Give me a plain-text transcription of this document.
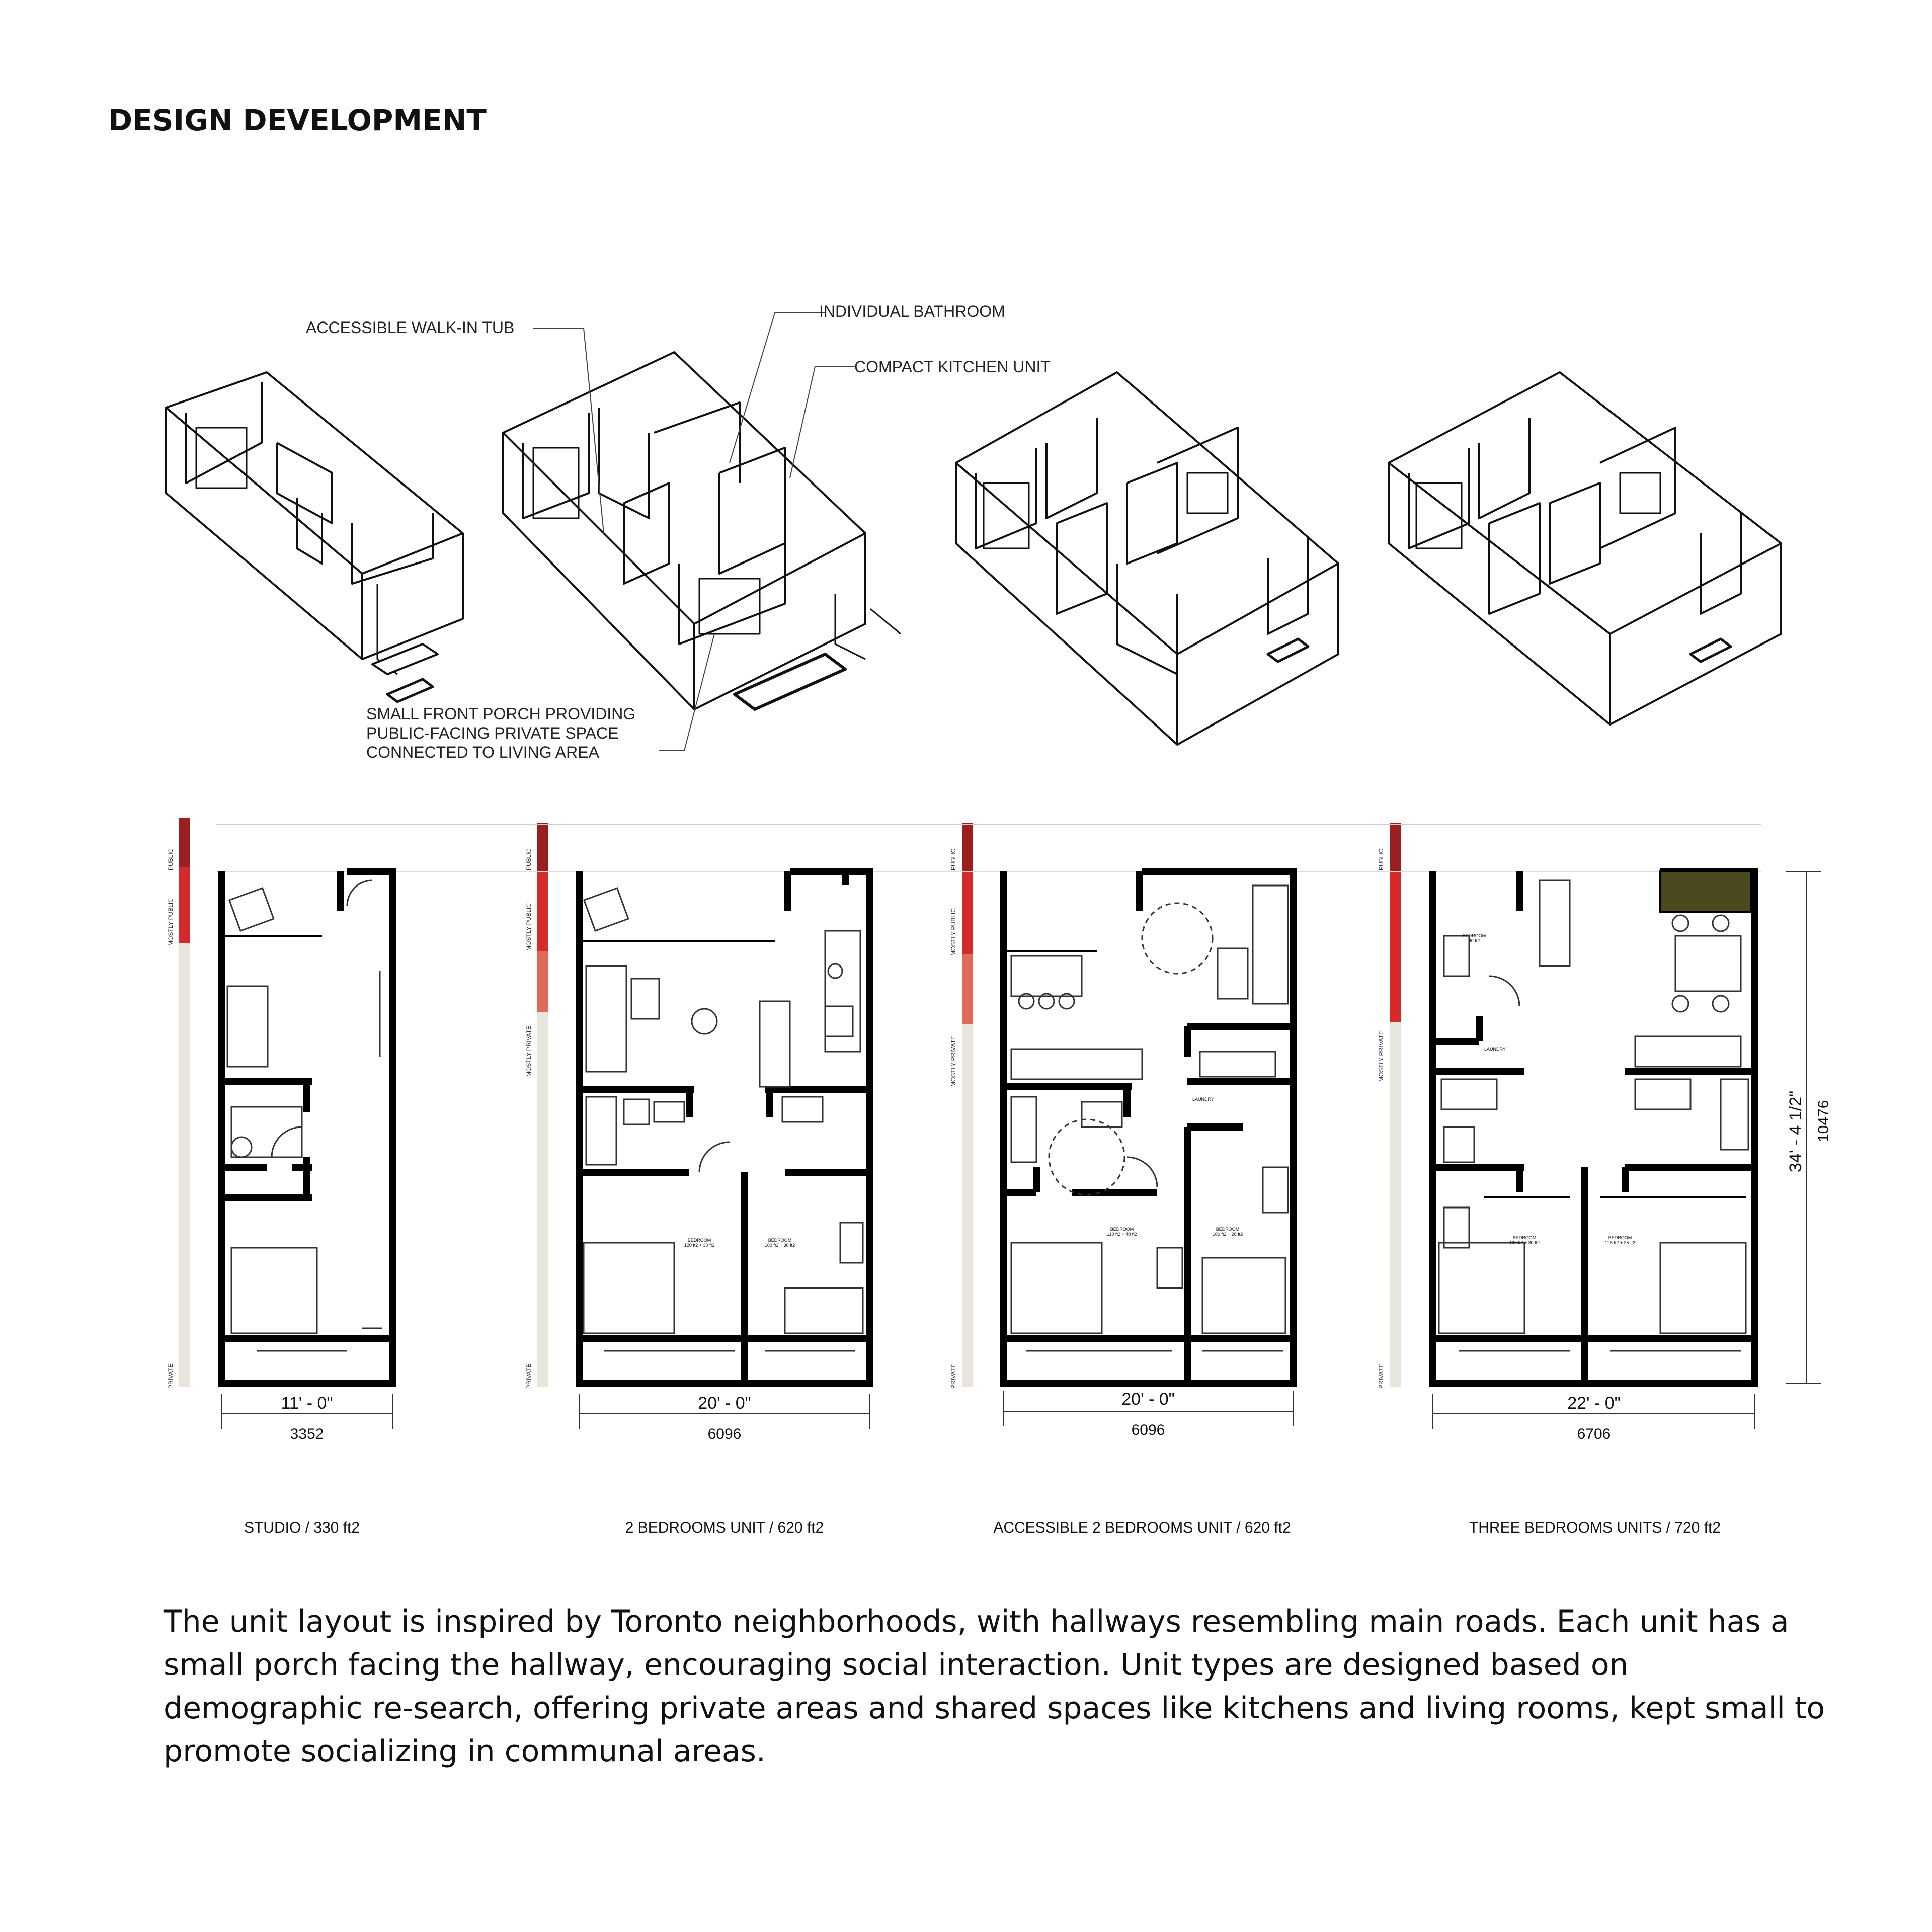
DESIGN DEVELOPMENT
ACCESSIBLE WALK-IN TUB
INDIVIDUAL BATHROOM
COMPACT KITCHEN UNIT
SMALL FRONT PORCH PROVIDING
PUBLIC-FACING PRIVATE SPACE
CONNECTED TO LIVING AREA
PUBLIC
MOSTLY PUBLIC
PRIVATE
PUBLIC
MOSTLY PUBLIC
MOSTLY PRIVATE
PRIVATE
PUBLIC
MOSTLY PUBLIC
MOSTLY PRIVATE
PRIVATE
PUBLIC
MOSTLY PRIVATE
PRIVATE
BEDROOM
120 ft2 + 30 ft2
BEDROOM
100 ft2 + 30 ft2
BEDROOM
110 ft2 + 40 ft2
BEDROOM
100 ft2 + 20 ft2
LAUNDRY
BEDROOM
80 ft2
LAUNDRY
BEDROOM
100 ft2 + 30 ft2
BEDROOM
125 ft2 + 35 ft2
11' - 0"
3352
20' - 0"
6096
20' - 0"
6096
22' - 0"
6706
34' - 4 1/2" 10476
STUDIO / 330 ft2	2 BEDROOMS UNIT / 620 ft2	ACCESSIBLE 2 BEDROOMS UNIT / 620 ft2	THREE BEDROOMS UNITS / 720 ft2

The unit layout is inspired by Toronto neighborhoods, with hallways resembling main roads. Each unit has a small porch facing the hallway, encouraging social interaction. Unit types are designed based on demographic re-search, offering private areas and shared spaces like kitchens and living rooms, kept small to promote socializing in communal areas.
